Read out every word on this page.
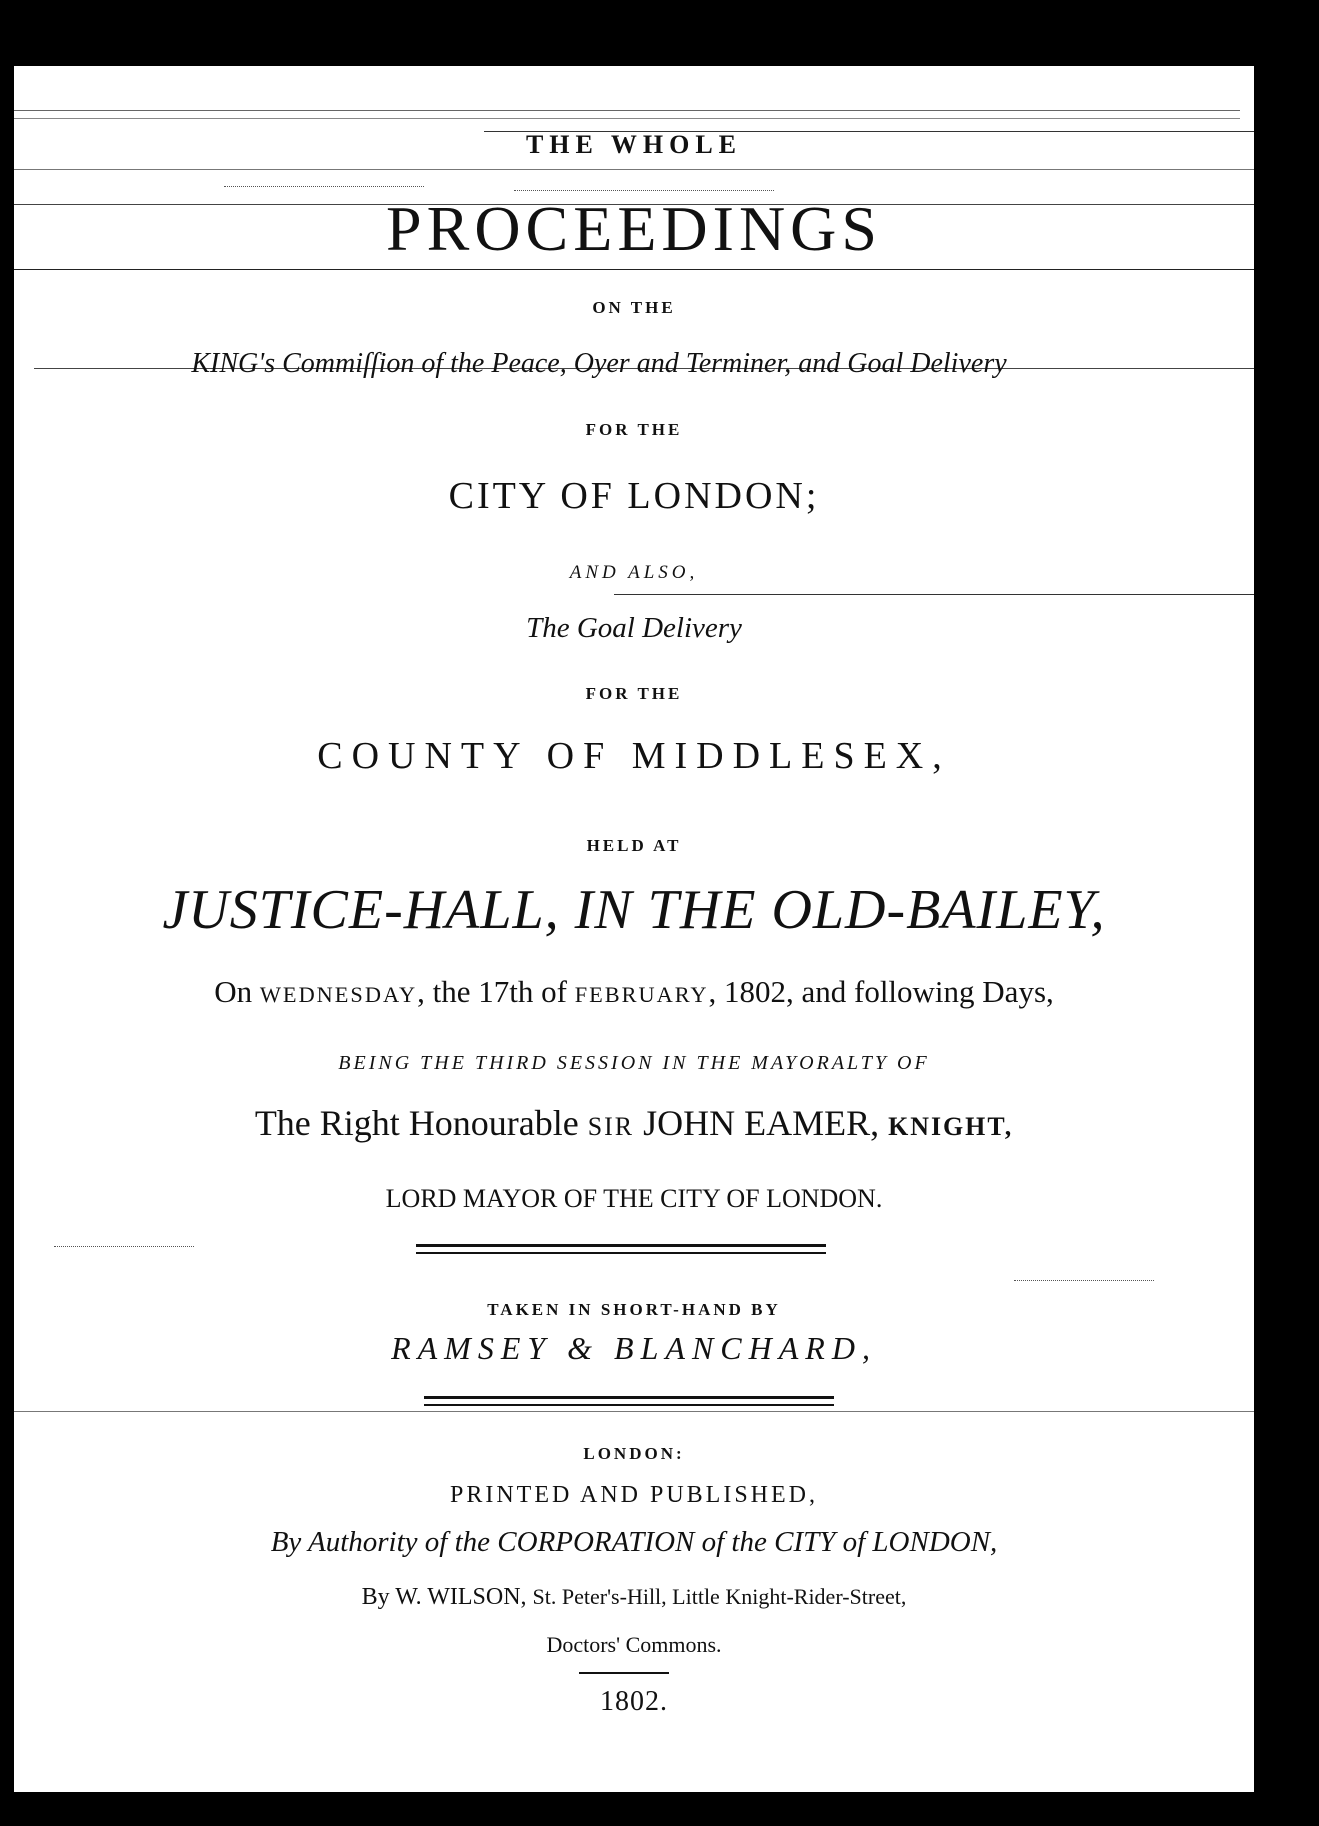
THE WHOLE
PROCEEDINGS
ON THE
KING's Commiſſion of the Peace, Oyer and Terminer, and Goal Delivery
FOR THE
CITY OF LONDON;
AND ALSO,
The Goal Delivery
FOR THE
COUNTY OF MIDDLESEX,
HELD AT
JUSTICE-HALL, IN THE OLD-BAILEY,
On WEDNESDAY, the 17th of FEBRUARY, 1802, and following Days,
BEING THE THIRD SESSION IN THE MAYORALTY OF
The Right Honourable SIR JOHN EAMER, KNIGHT,
LORD MAYOR OF THE CITY OF LONDON.
TAKEN IN SHORT-HAND BY
RAMSEY & BLANCHARD,
LONDON:
PRINTED AND PUBLISHED,
By Authority of the CORPORATION of the CITY of LONDON,
By W. WILSON, St. Peter's-Hill, Little Knight-Rider-Street,
Doctors' Commons.
1802.
